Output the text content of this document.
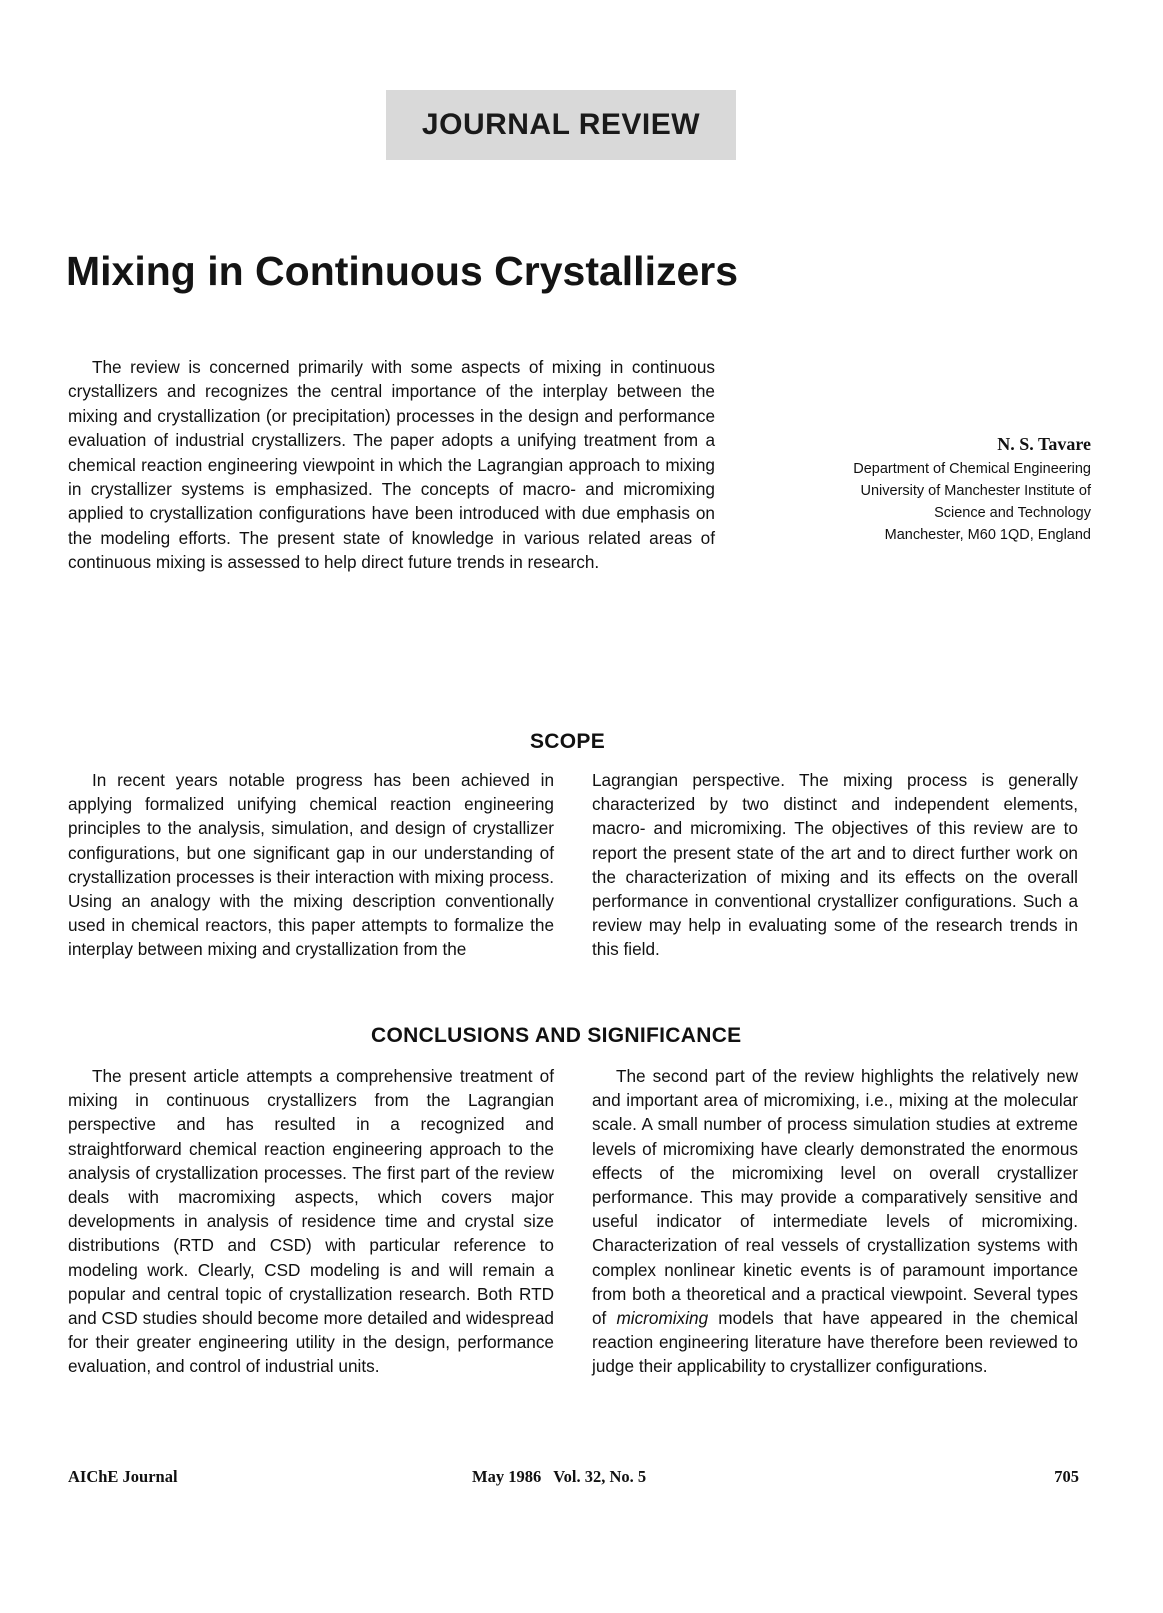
JOURNAL REVIEW
Mixing in Continuous Crystallizers

The review is concerned primarily with some aspects of mixing in continuous crystallizers and recognizes the central importance of the interplay between the mixing and crystallization (or precipitation) processes in the design and performance evaluation of industrial crystallizers. The paper adopts a unifying treatment from a chemical reaction engineering viewpoint in which the Lagrangian approach to mixing in crystallizer systems is emphasized. The concepts of macro- and micromixing applied to crystallization configurations have been introduced with due emphasis on the modeling efforts. The present state of knowledge in various related areas of continuous mixing is assessed to help direct future trends in research.

N. S. Tavare

Department of Chemical Engineering

University of Manchester Institute of

Science and Technology

Manchester, M60 1QD, England

SCOPE

In recent years notable progress has been achieved in applying formalized unifying chemical reaction engineering principles to the analysis, simulation, and design of crystallizer configurations, but one significant gap in our understanding of crystallization processes is their interaction with mixing process. Using an analogy with the mixing description conventionally used in chemical reactors, this paper attempts to formalize the interplay between mixing and crystallization from the

Lagrangian perspective. The mixing process is generally characterized by two distinct and independent elements, macro- and micromixing. The objectives of this review are to report the present state of the art and to direct further work on the characterization of mixing and its effects on the overall performance in conventional crystallizer configurations. Such a review may help in evaluating some of the research trends in this field.

CONCLUSIONS AND SIGNIFICANCE

The present article attempts a comprehensive treatment of mixing in continuous crystallizers from the Lagrangian perspective and has resulted in a recognized and straightforward chemical reaction engineering approach to the analysis of crystallization processes. The first part of the review deals with macromixing aspects, which covers major developments in analysis of residence time and crystal size distributions (RTD and CSD) with particular reference to modeling work. Clearly, CSD modeling is and will remain a popular and central topic of crystallization research. Both RTD and CSD studies should become more detailed and widespread for their greater engineering utility in the design, performance evaluation, and control of industrial units.

The second part of the review highlights the relatively new and important area of micromixing, i.e., mixing at the molecular scale. A small number of process simulation studies at extreme levels of micromixing have clearly demonstrated the enormous effects of the micromixing level on overall crystallizer performance. This may provide a comparatively sensitive and useful indicator of intermediate levels of micromixing. Characterization of real vessels of crystallization systems with complex nonlinear kinetic events is of paramount importance from both a theoretical and a practical viewpoint. Several types of micromixing models that have appeared in the chemical reaction engineering literature have therefore been reviewed to judge their applicability to crystallizer configurations.

AIChE Journal	May 1986   Vol. 32, No. 5	705
